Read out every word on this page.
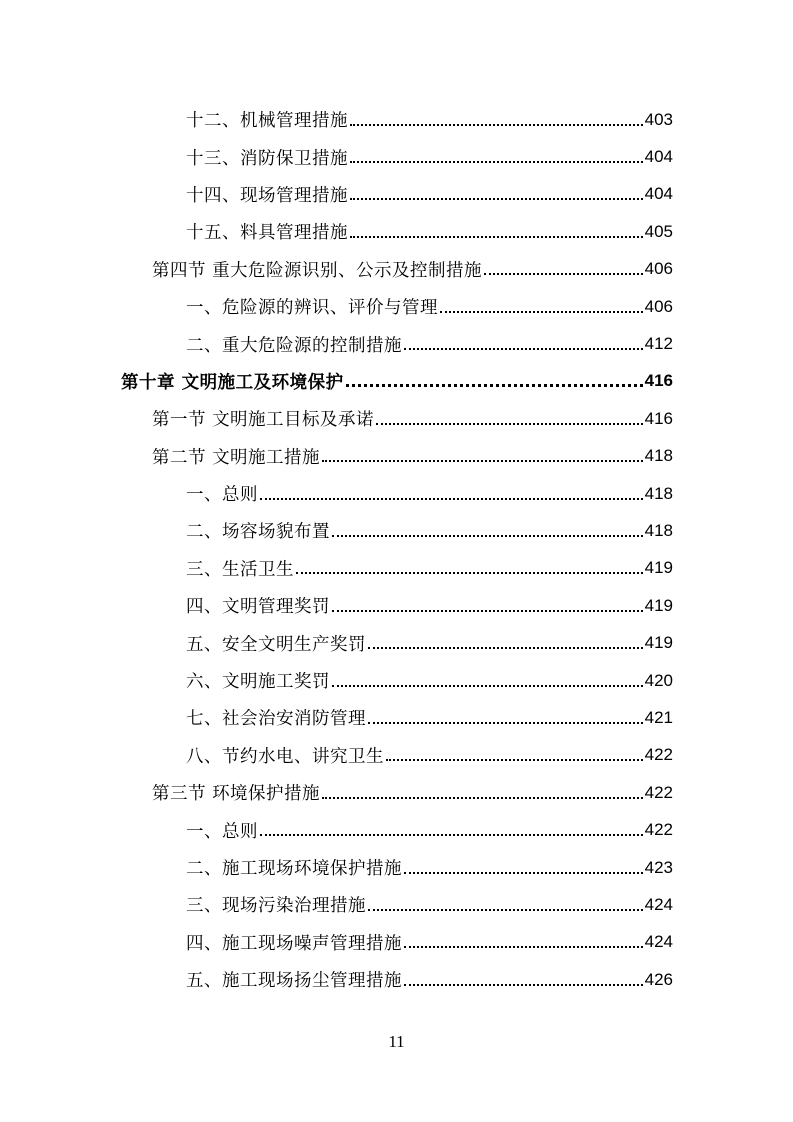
十二、机械管理措施	403
十三、消防保卫措施	404
十四、现场管理措施	404
十五、料具管理措施	405
第四节 重大危险源识别、公示及控制措施	406
一、危险源的辨识、评价与管理	406
二、重大危险源的控制措施	412
第十章 文明施工及环境保护	416
第一节 文明施工目标及承诺	416
第二节 文明施工措施	418
一、总则	418
二、场容场貌布置	418
三、生活卫生	419
四、文明管理奖罚	419
五、安全文明生产奖罚	419
六、文明施工奖罚	420
七、社会治安消防管理	421
八、节约水电、讲究卫生	422
第三节 环境保护措施	422
一、总则	422
二、施工现场环境保护措施	423
三、现场污染治理措施	424
四、施工现场噪声管理措施	424
五、施工现场扬尘管理措施	426
11
